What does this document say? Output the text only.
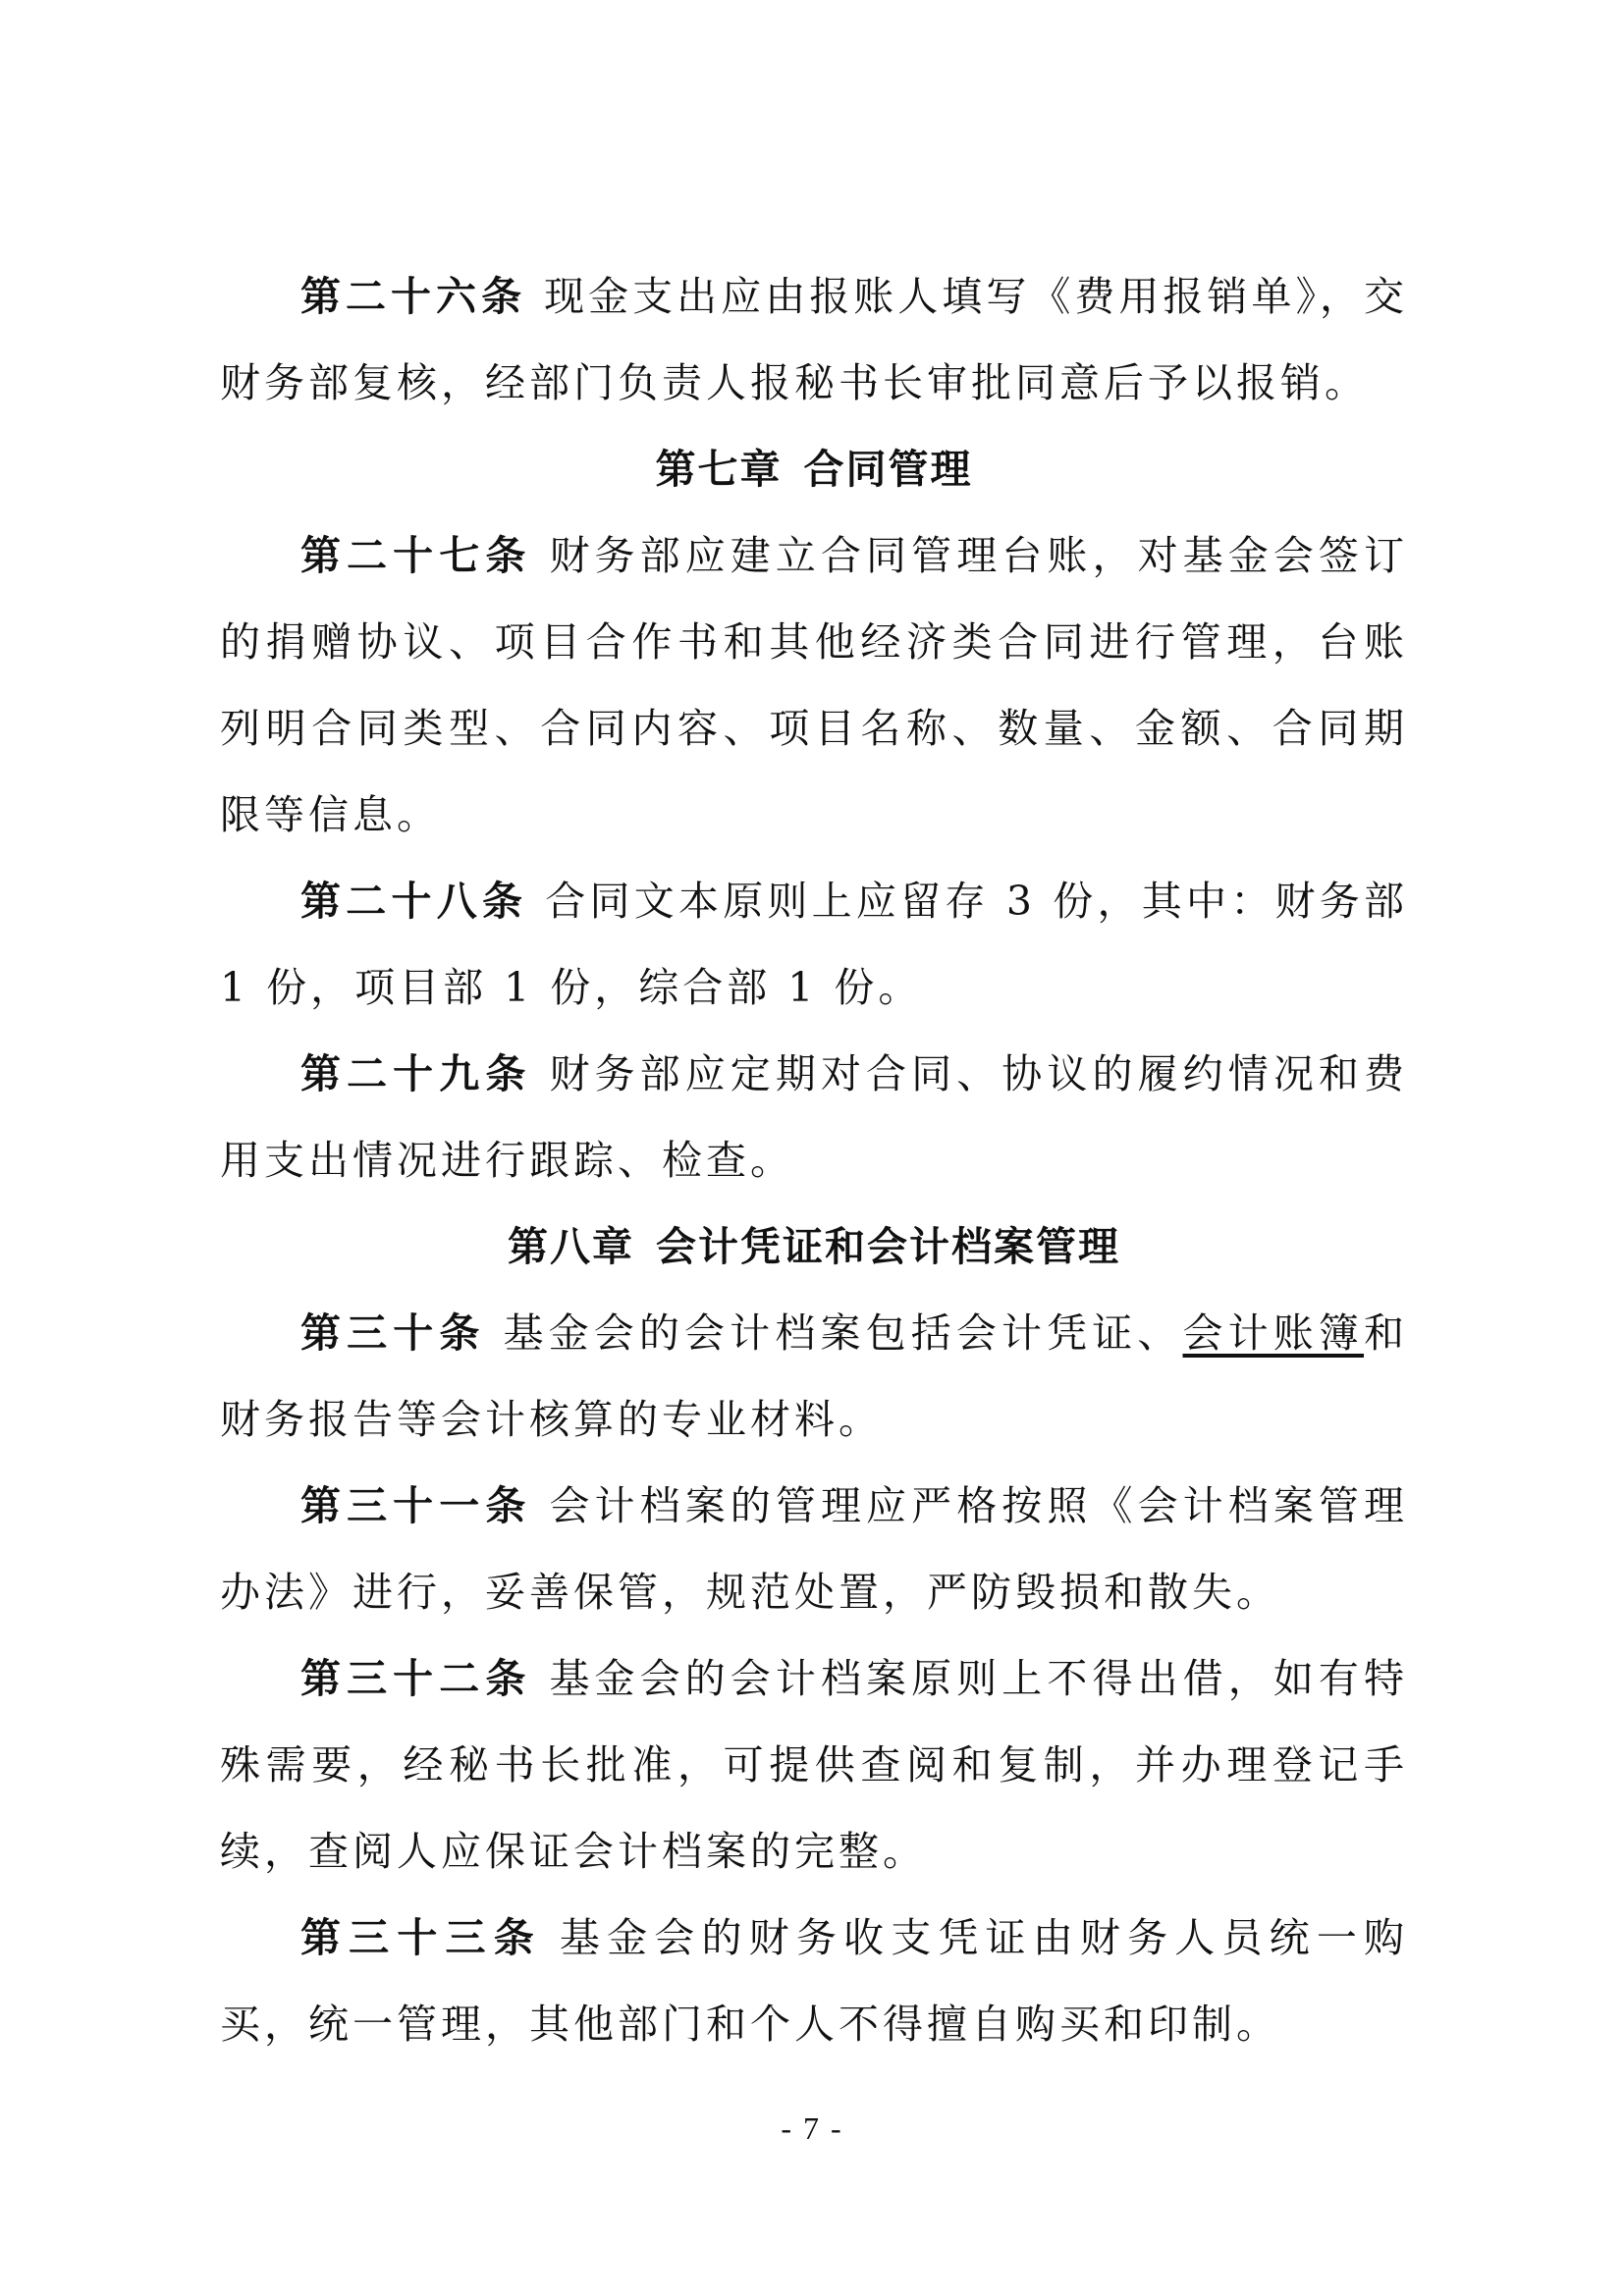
第二十六条 现金支出应由报账人填写《费用报销单》，交财务部复核，经部门负责人报秘书长审批同意后予以报销。

第七章 合同管理

第二十七条 财务部应建立合同管理台账，对基金会签订的捐赠协议、项目合作书和其他经济类合同进行管理，台账列明合同类型、合同内容、项目名称、数量、金额、合同期限等信息。

第二十八条 合同文本原则上应留存 3 份，其中：财务部 1 份，项目部 1 份，综合部 1 份。

第二十九条 财务部应定期对合同、协议的履约情况和费用支出情况进行跟踪、检查。

第八章 会计凭证和会计档案管理

第三十条 基金会的会计档案包括会计凭证、会计账簿和财务报告等会计核算的专业材料。

第三十一条 会计档案的管理应严格按照《会计档案管理办法》进行，妥善保管，规范处置，严防毁损和散失。

第三十二条 基金会的会计档案原则上不得出借，如有特殊需要，经秘书长批准，可提供查阅和复制，并办理登记手续，查阅人应保证会计档案的完整。

第三十三条 基金会的财务收支凭证由财务人员统一购买，统一管理，其他部门和个人不得擅自购买和印制。

- 7 -
